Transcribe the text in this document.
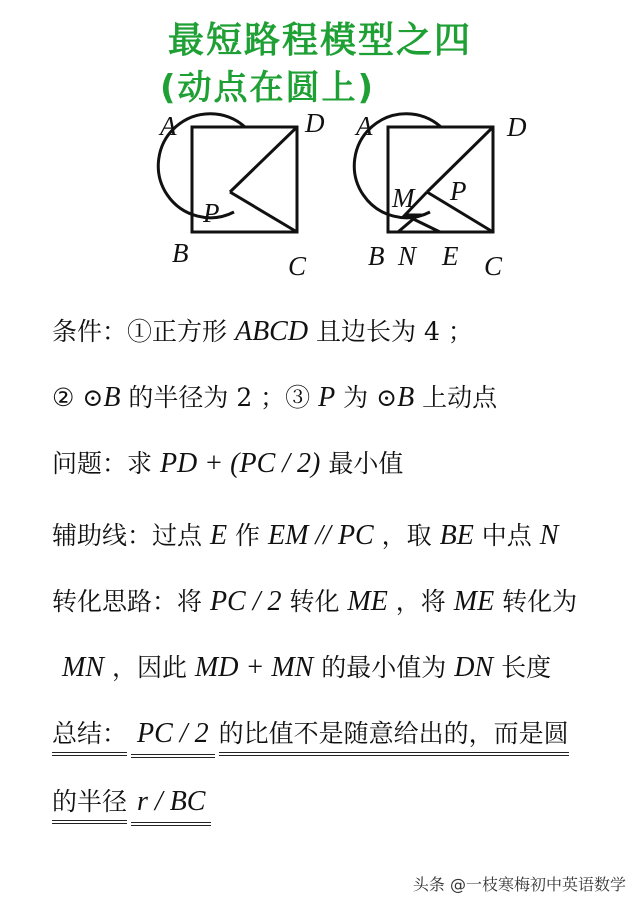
最短路程模型之四
(动点在圆上)
A	D
P
B	C
A	D
M P
B N E C
条件：①正方形 ABCD 且边长为 4 ；
② ⊙B 的半径为 2 ；③ P 为 ⊙B 上动点
问题：求 PD + (PC / 2) 最小值
辅助线：过点 E 作 EM // PC ，取 BE 中点 N
转化思路：将 PC / 2 转化 ME ，将 ME 转化为
MN ，因此 MD + MN 的最小值为 DN 长度
总结： PC / 2 的比值不是随意给出的，而是圆
的半径 r / BC
头条 @一枝寒梅初中英语数学
